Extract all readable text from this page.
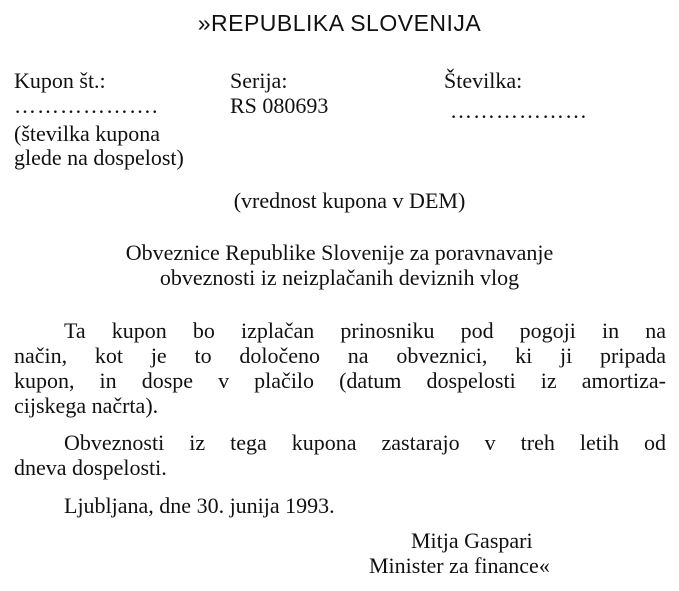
»REPUBLIKA SLOVENIJA
Kupon št.:
……………….
(številka kupona
glede na dospelost)
Serija:
RS 080693
Številka:
………………
(vrednost kupona v DEM)
Obveznice Republike Slovenije za poravnavanje
obveznosti iz neizplačanih deviznih vlog
Ta kupon bo izplačan prinosniku pod pogoji in na
način, kot je to določeno na obveznici, ki ji pripada
kupon, in dospe v plačilo (datum dospelosti iz amortiza-
cijskega načrta).
Obveznosti iz tega kupona zastarajo v treh letih od
dneva dospelosti.
Ljubljana, dne 30. junija 1993.
Mitja Gaspari
Minister za finance«
